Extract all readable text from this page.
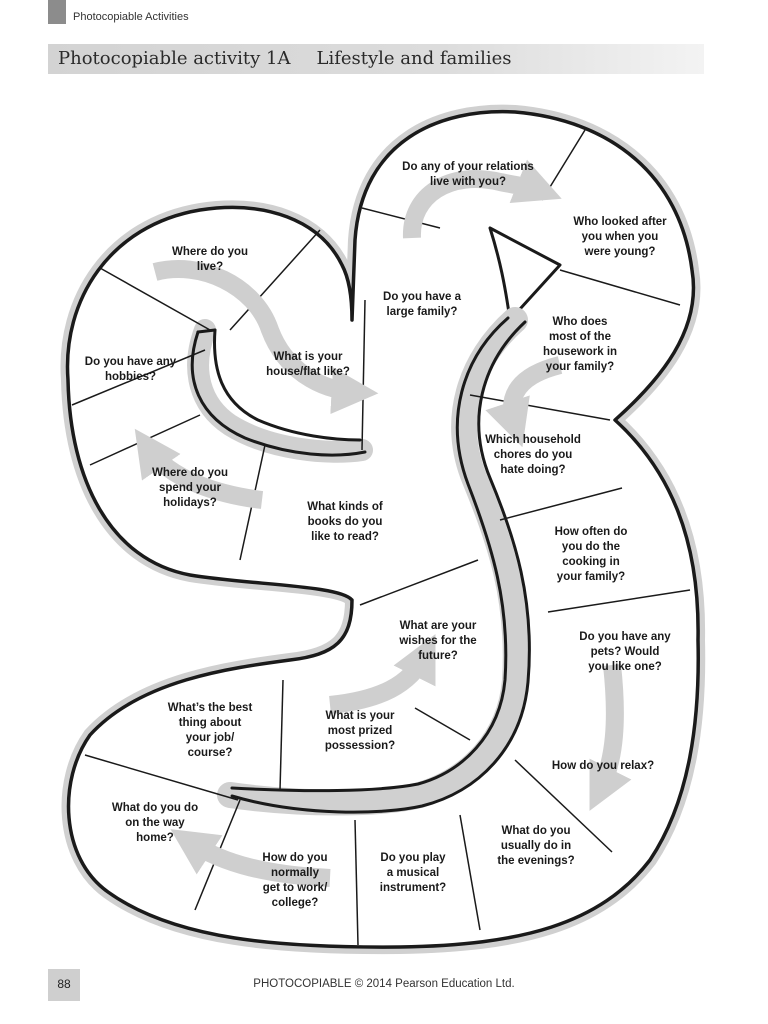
Photocopiable Activities
Photocopiable activity 1A Lifestyle and families
Do any of your relations
live with you?
Who looked after
you when you
were young?
Do you have a
large family?
Where do you
live?
What is your
house/flat like?
Who does
most of the
housework in
your family?
Do you have any
hobbies?
Which household
chores do you
hate doing?
Where do you
spend your
holidays?	What kinds of
books do you
like to read?	How often do
you do the
cooking in
your family?
What are your
wishes for the
future?
Do you have any
pets? Would
you like one?
What’s the best
thing about
your job/
course?
What is your
most prized
possession?
How do you relax?
What do you do
on the way
home?
What do you
usually do in
the evenings?
How do you
normally
get to work/
college?
Do you play
a musical
instrument?
88	PHOTOCOPIABLE © 2014 Pearson Education Ltd.
